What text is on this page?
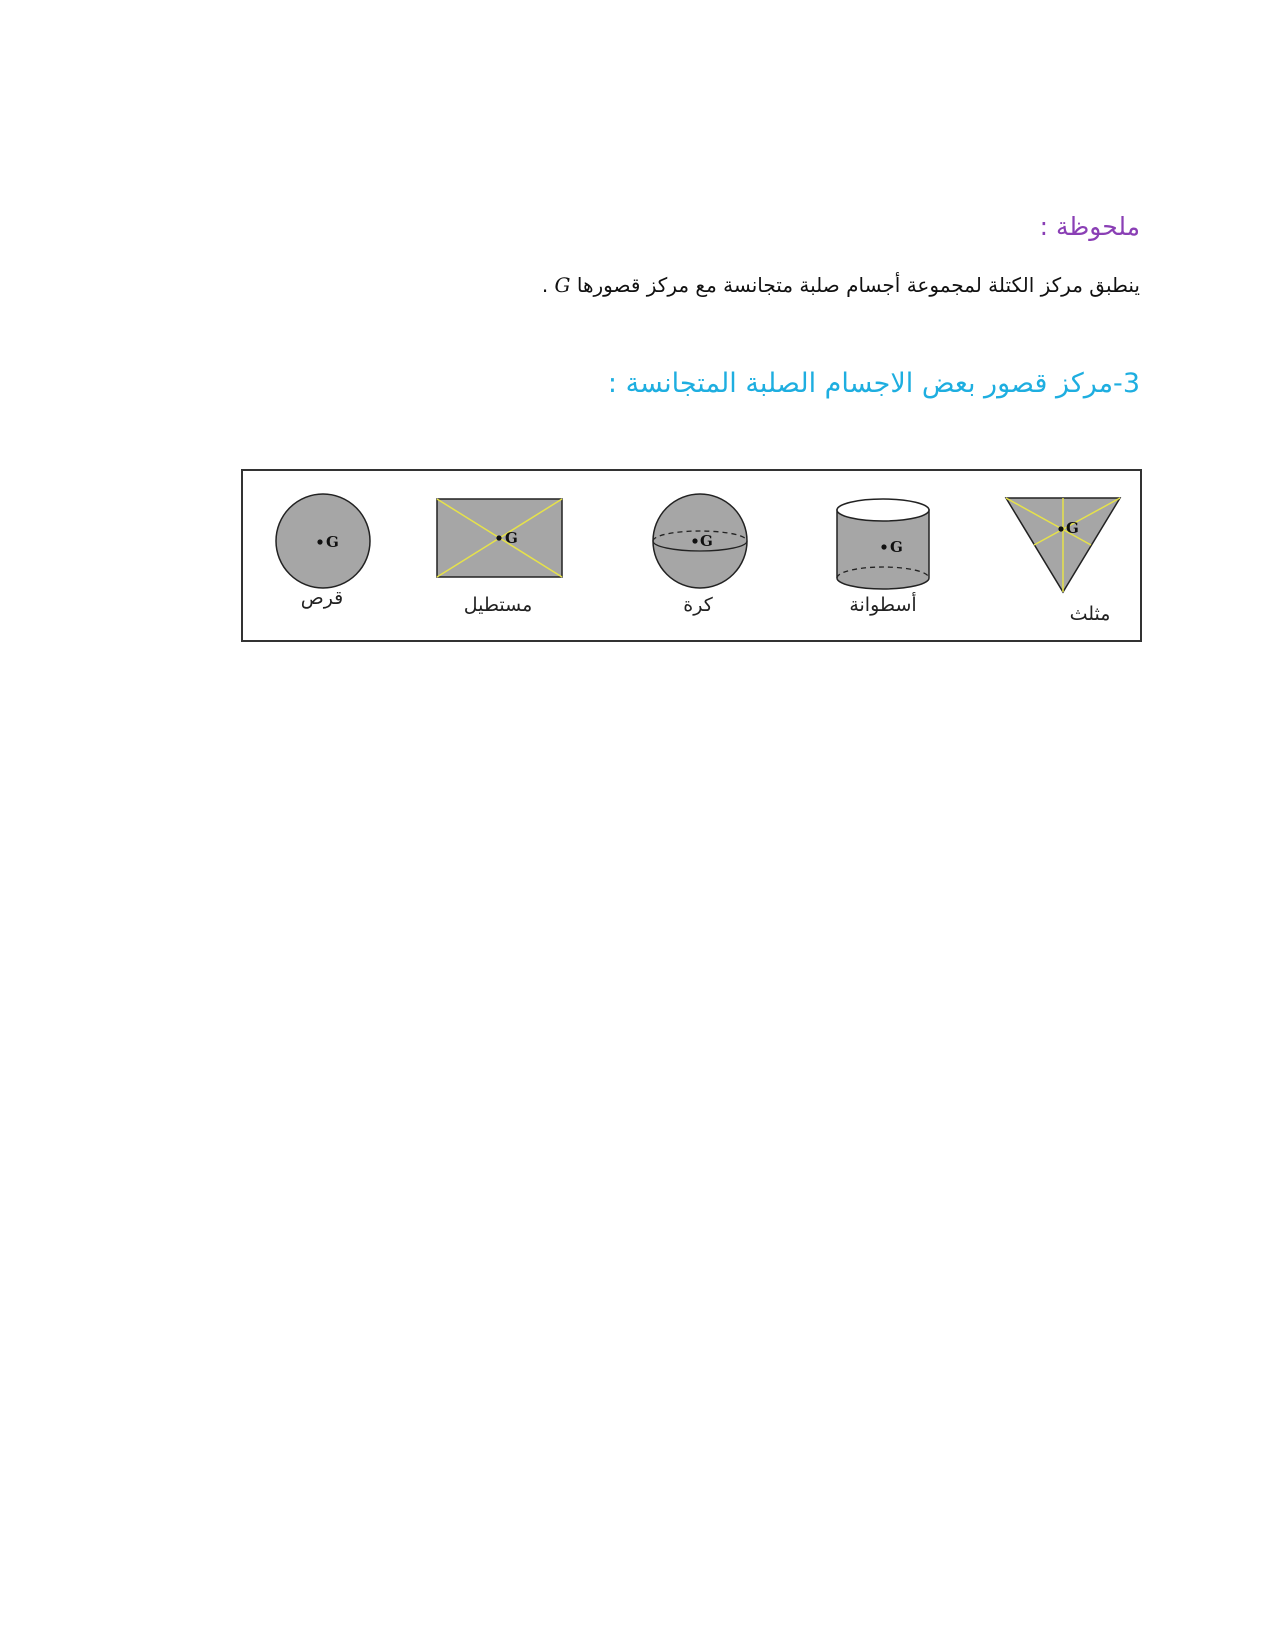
ملحوظة :
ينطبق مركز الكتلة لمجموعة أجسام صلبة متجانسة مع مركز قصورها G .
3-مركز قصور بعض الاجسام الصلبة المتجانسة :
G	G	G	G
G
مثلث
أسطوانة
كرة
مستطيل
قرص
